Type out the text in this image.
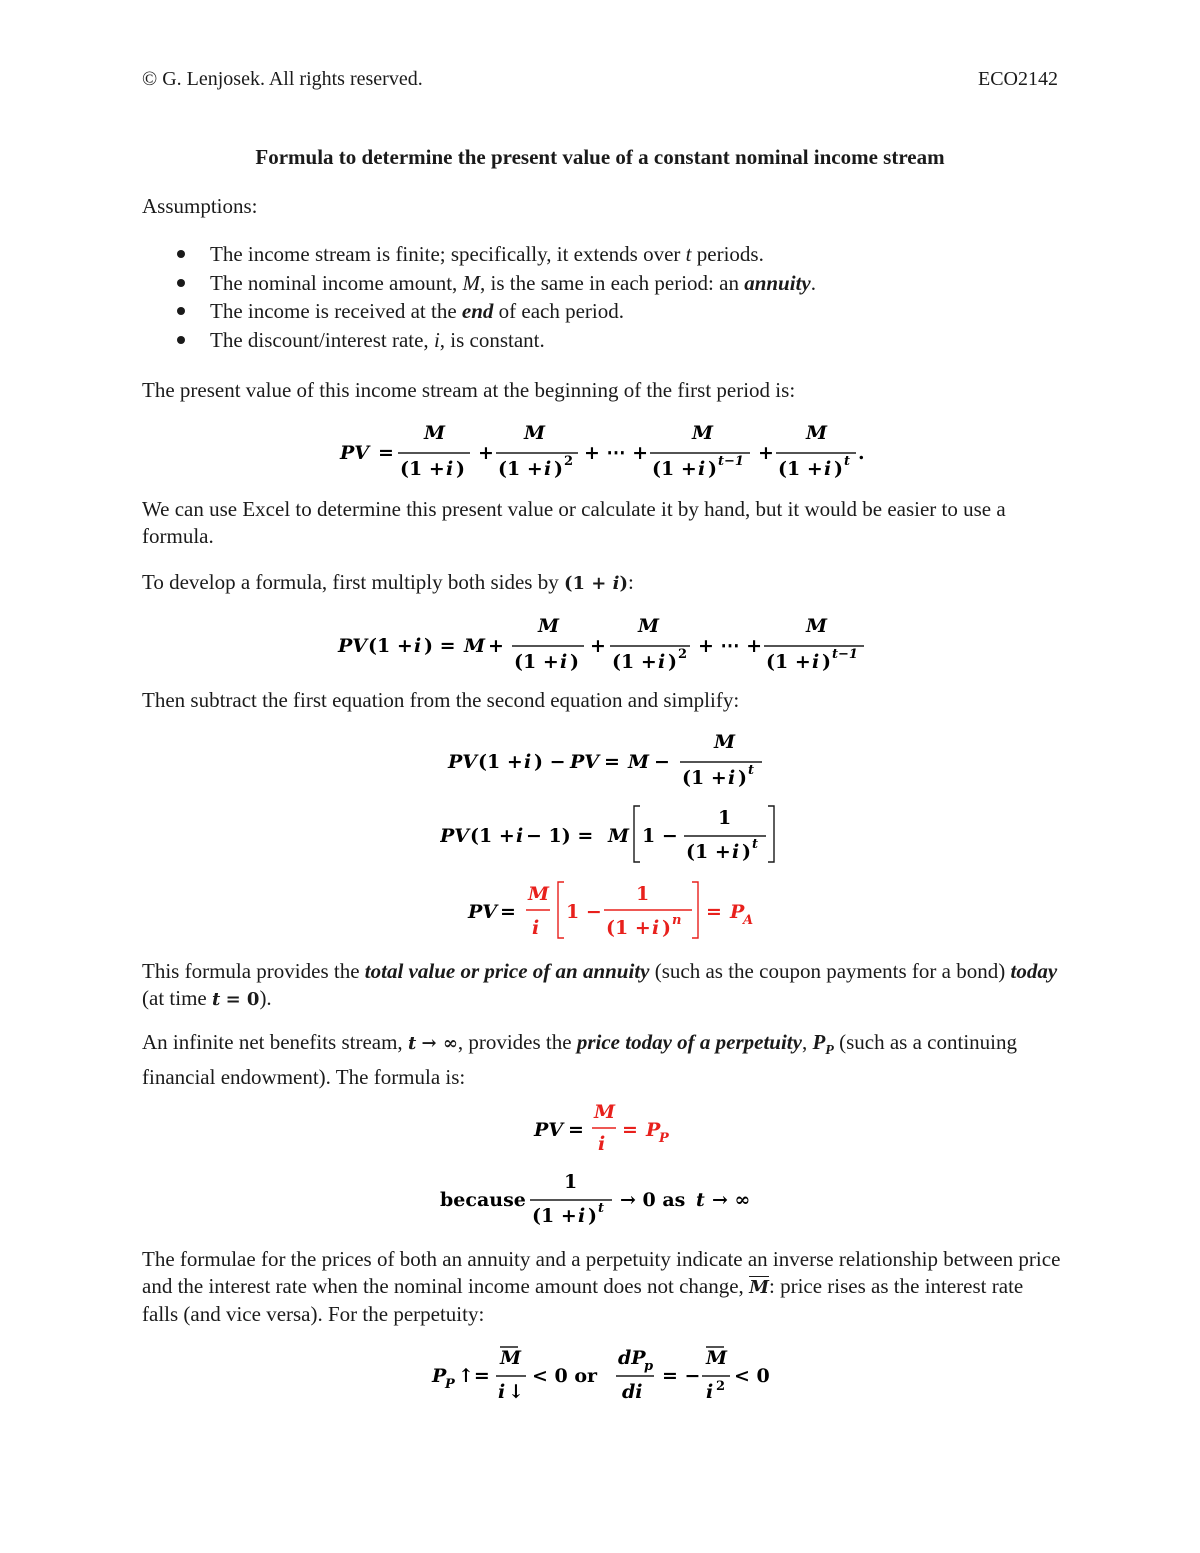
© G. Lenjosek. All rights reserved.	ECO2142
Formula to determine the present value of a constant nominal income stream
Assumptions:
The income stream is finite; specifically, it extends over t periods.
The nominal income amount, M, is the same in each period: an annuity.
The income is received at the end of each period.
The discount/interest rate, i, is constant.
The present value of this income stream at the beginning of the first period is:
PV =
M
(1 + i )
+
M
(1 + i ) 2 + ⋯ +
M
(1 + i ) t−1 +
M
(1 + i ) t .
We can use Excel to determine this present value or calculate it by hand, but it would be easier to use a formula.
To develop a formula, first multiply both sides by (1 + i):
PV (1 + i ) = M +
M
(1 + i )
+
M
(1 + i ) 2 + ⋯ +
M
(1 + i ) t−1
Then subtract the first equation from the second equation and simplify:
PV (1 + i ) − PV = M −
M
(1 + i ) t
PV (1 + i − 1) = M 1 −
1
(1 + i ) t
PV =
M
i
1 −
1
(1 + i ) n = P
A
This formula provides the total value or price of an annuity (such as the coupon payments for a bond) today (at time t = 0).
An infinite net benefits stream, t → ∞, provides the price today of a perpetuity, $P_P$ (such as a continuing financial endowment). The formula is:
PV =
M
i
= P
P
because
1
(1 + i ) t → 0 as t → ∞
The formulae for the prices of both an annuity and a perpetuity indicate an inverse relationship between price and the interest rate when the nominal income amount does not change, $\overline{M}$: price rises as the interest rate falls (and vice versa). For the perpetuity:
P
P ↑=
M
i ↓
< 0 or
dP
p
di
= −
M
i 2 < 0
